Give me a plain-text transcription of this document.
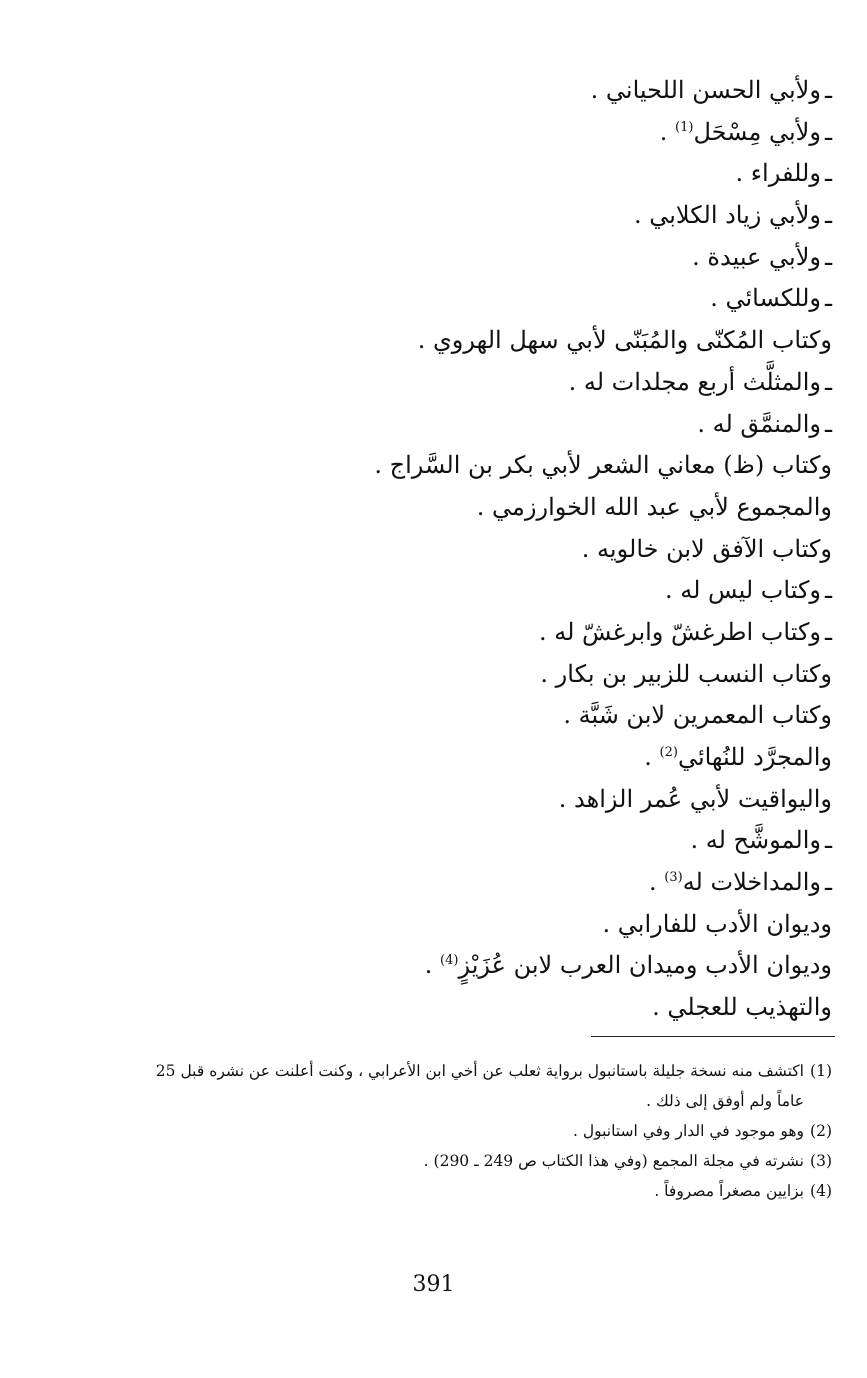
ـولأبي الحسن اللحياني .
ـولأبي مِسْحَل$^{(1)}$ .
ـوللفراء .
ـولأبي زياد الكلابي .
ـولأبي عبيدة .
ـوللكسائي .
وكتاب المُكنّى والمُبَنّى لأبي سهل الهروي .
ـوالمثلَّث أربع مجلدات له .
ـوالمنمَّق له .
وكتاب (ظ) معاني الشعر لأبي بكر بن السَّراج .
والمجموع لأبي عبد الله الخوارزمي .
وكتاب الآفق لابن خالويه .
ـوكتاب ليس له .
ـوكتاب اطرغشّ وابرغشّ له .
وكتاب النسب للزبير بن بكار .
وكتاب المعمرين لابن شَبَّة .
والمجرَّد للنُهائي$^{(2)}$ .
واليواقيت لأبي عُمر الزاهد .
ـوالموشَّح له .
ـوالمداخلات له$^{(3)}$ .
وديوان الأدب للفارابي .
وديوان الأدب وميدان العرب لابن عُزَيْزٍ$^{(4)}$ .
والتهذيب للعجلي .
(1)اكتشف منه نسخة جليلة باستانبول برواية ثعلب عن أخي ابن الأعرابي ، وكنت أعلنت عن نشره قبل 25
عاماً ولم أوفق إلى ذلك .
(2)وهو موجود في الدار وفي استانبول .
(3)نشرته في مجلة المجمع (وفي هذا الكتاب ص 249 ـ 290) .
(4)بزايين مصغراً مصروفاً .
391
